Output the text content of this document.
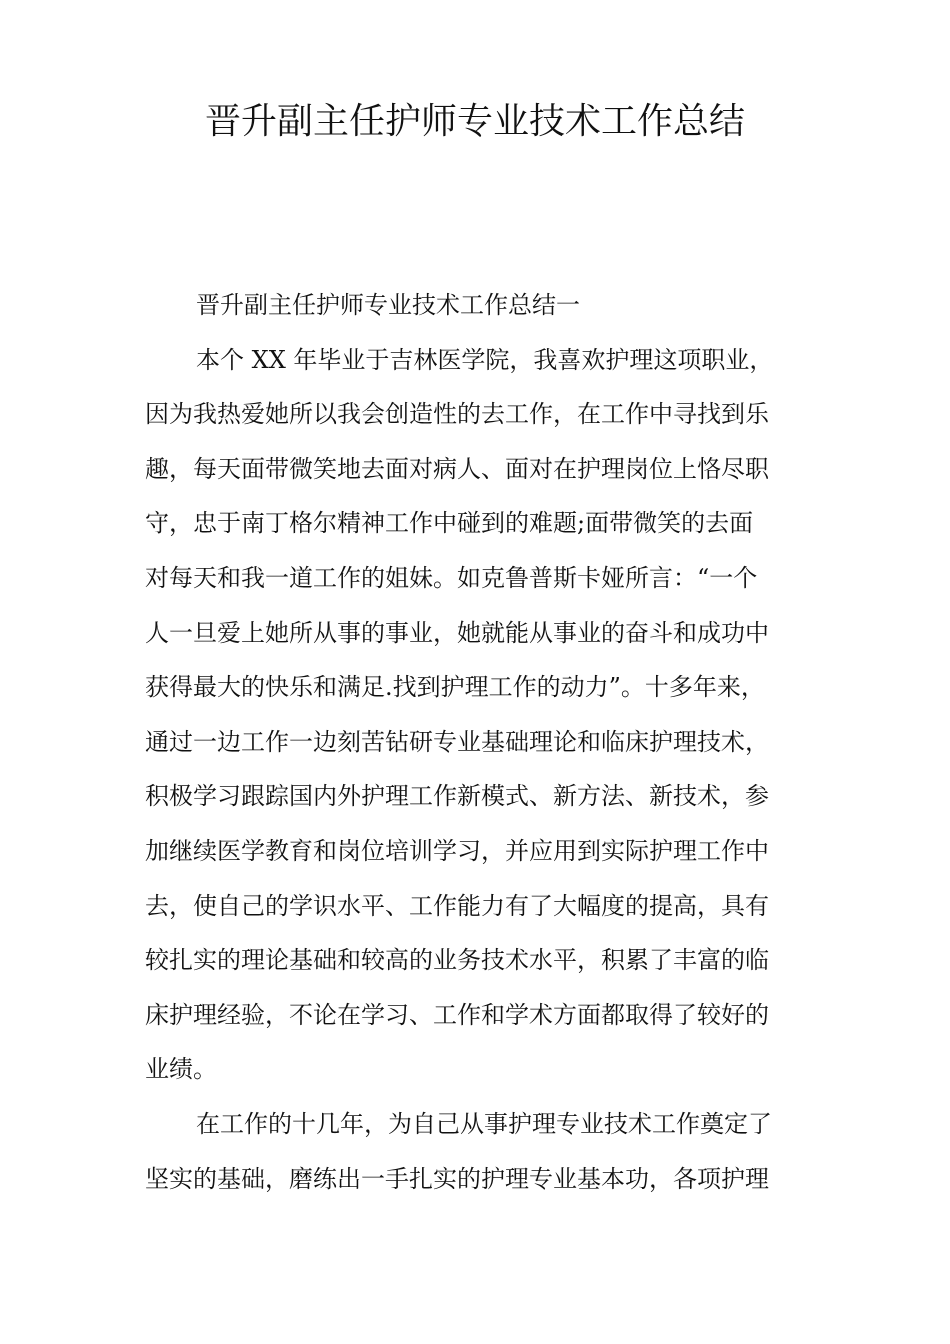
晋升副主任护师专业技术工作总结
晋升副主任护师专业技术工作总结一
本个 XX 年毕业于吉林医学院，我喜欢护理这项职业，
因为我热爱她所以我会创造性的去工作，在工作中寻找到乐
趣，每天面带微笑地去面对病人、面对在护理岗位上恪尽职
守，忠于南丁格尔精神工作中碰到的难题;面带微笑的去面
对每天和我一道工作的姐妹。如克鲁普斯卡娅所言：“一个
人一旦爱上她所从事的事业，她就能从事业的奋斗和成功中
获得最大的快乐和满足.找到护理工作的动力”。十多年来，
通过一边工作一边刻苦钻研专业基础理论和临床护理技术，
积极学习跟踪国内外护理工作新模式、新方法、新技术，参
加继续医学教育和岗位培训学习，并应用到实际护理工作中
去，使自己的学识水平、工作能力有了大幅度的提高，具有
较扎实的理论基础和较高的业务技术水平，积累了丰富的临
床护理经验，不论在学习、工作和学术方面都取得了较好的
业绩。
在工作的十几年，为自己从事护理专业技术工作奠定了
坚实的基础，磨练出一手扎实的护理专业基本功，各项护理
